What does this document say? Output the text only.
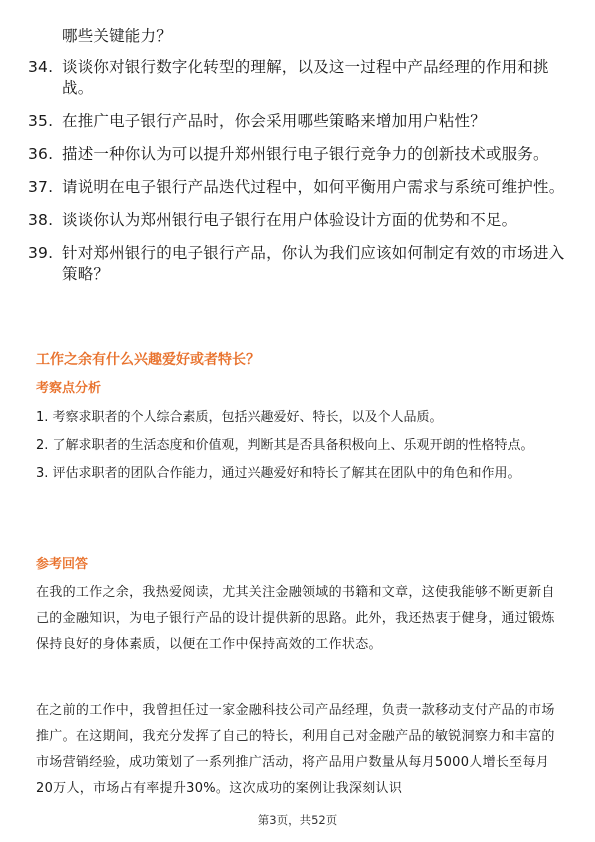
哪些关键能力？
34. 谈谈你对银行数字化转型的理解，以及这一过程中产品经理的作用和挑战。
35. 在推广电子银行产品时，你会采用哪些策略来增加用户粘性？
36. 描述一种你认为可以提升郑州银行电子银行竞争力的创新技术或服务。
37. 请说明在电子银行产品迭代过程中，如何平衡用户需求与系统可维护性。
38. 谈谈你认为郑州银行电子银行在用户体验设计方面的优势和不足。
39. 针对郑州银行的电子银行产品，你认为我们应该如何制定有效的市场进入策略？
工作之余有什么兴趣爱好或者特长？
考察点分析

1. 考察求职者的个人综合素质，包括兴趣爱好、特长，以及个人品质。

2. 了解求职者的生活态度和价值观，判断其是否具备积极向上、乐观开朗的性格特点。

3. 评估求职者的团队合作能力，通过兴趣爱好和特长了解其在团队中的角色和作用。

参考回答

在我的工作之余，我热爱阅读，尤其关注金融领域的书籍和文章，这使我能够不断更新自己的金融知识，为电子银行产品的设计提供新的思路。此外，我还热衷于健身，通过锻炼保持良好的身体素质，以便在工作中保持高效的工作状态。

在之前的工作中，我曾担任过一家金融科技公司产品经理，负责一款移动支付产品的市场推广。在这期间，我充分发挥了自己的特长，利用自己对金融产品的敏锐洞察力和丰富的市场营销经验，成功策划了一系列推广活动，将产品用户数量从每月5000人增长至每月20万人，市场占有率提升30%。这次成功的案例让我深刻认识

第3页，共52页
